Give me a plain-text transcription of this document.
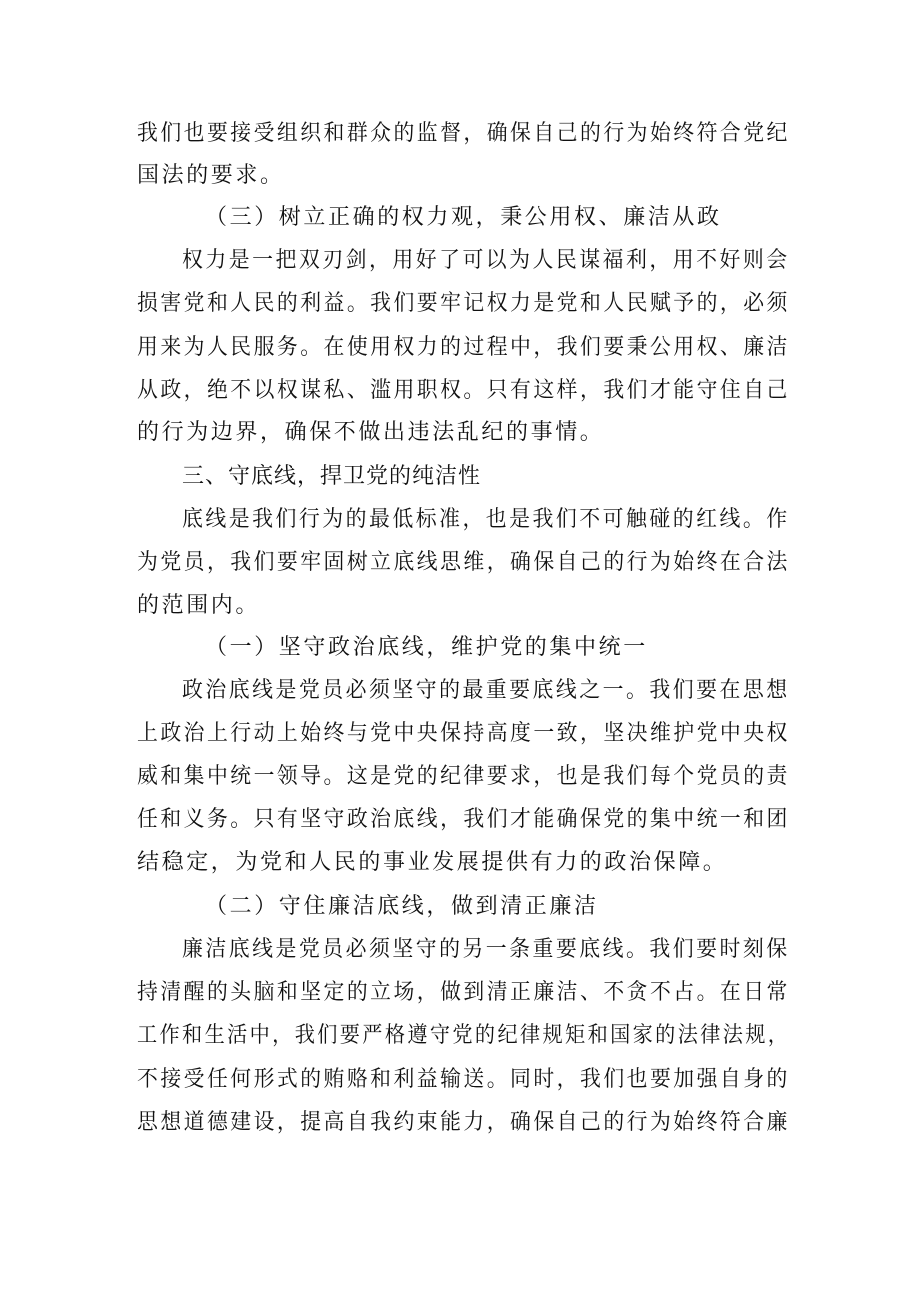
我们也要接受组织和群众的监督，确保自己的行为始终符合党纪
国法的要求。
（三）树立正确的权力观，秉公用权、廉洁从政
权力是一把双刃剑，用好了可以为人民谋福利，用不好则会
损害党和人民的利益。我们要牢记权力是党和人民赋予的，必须
用来为人民服务。在使用权力的过程中，我们要秉公用权、廉洁
从政，绝不以权谋私、滥用职权。只有这样，我们才能守住自己
的行为边界，确保不做出违法乱纪的事情。
三、守底线，捍卫党的纯洁性
底线是我们行为的最低标准，也是我们不可触碰的红线。作
为党员，我们要牢固树立底线思维，确保自己的行为始终在合法
的范围内。
（一）坚守政治底线，维护党的集中统一
政治底线是党员必须坚守的最重要底线之一。我们要在思想
上政治上行动上始终与党中央保持高度一致，坚决维护党中央权
威和集中统一领导。这是党的纪律要求，也是我们每个党员的责
任和义务。只有坚守政治底线，我们才能确保党的集中统一和团
结稳定，为党和人民的事业发展提供有力的政治保障。
（二）守住廉洁底线，做到清正廉洁
廉洁底线是党员必须坚守的另一条重要底线。我们要时刻保
持清醒的头脑和坚定的立场，做到清正廉洁、不贪不占。在日常
工作和生活中，我们要严格遵守党的纪律规矩和国家的法律法规，
不接受任何形式的贿赂和利益输送。同时，我们也要加强自身的
思想道德建设，提高自我约束能力，确保自己的行为始终符合廉
